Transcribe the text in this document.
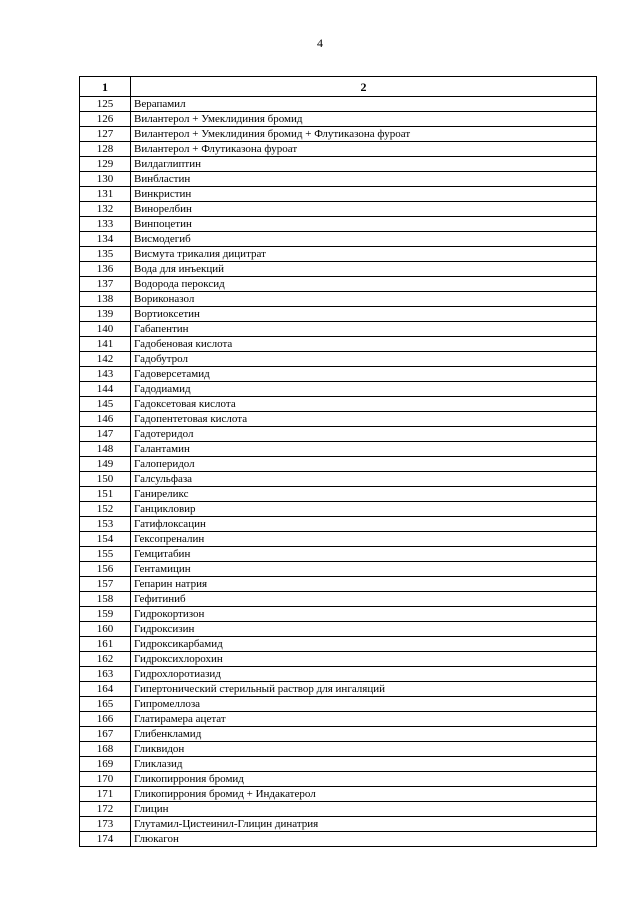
4
1	2
125	Верапамил
126	Вилантерол + Умеклидиния бромид
127	Вилантерол + Умеклидиния бромид + Флутиказона фуроат
128	Вилантерол + Флутиказона фуроат
129	Вилдаглиптин
130	Винбластин
131	Винкристин
132	Винорелбин
133	Винпоцетин
134	Висмодегиб
135	Висмута трикалия дицитрат
136	Вода для инъекций
137	Водорода пероксид
138	Вориконазол
139	Вортиоксетин
140	Габапентин
141	Гадобеновая кислота
142	Гадобутрол
143	Гадоверсетамид
144	Гадодиамид
145	Гадоксетовая кислота
146	Гадопентетовая кислота
147	Гадотеридол
148	Галантамин
149	Галоперидол
150	Галсульфаза
151	Ганиреликс
152	Ганцикловир
153	Гатифлоксацин
154	Гексопреналин
155	Гемцитабин
156	Гентамицин
157	Гепарин натрия
158	Гефитиниб
159	Гидрокортизон
160	Гидроксизин
161	Гидроксикарбамид
162	Гидроксихлорохин
163	Гидрохлоротиазид
164	Гипертонический стерильный раствор для ингаляций
165	Гипромеллоза
166	Глатирамера ацетат
167	Глибенкламид
168	Гликвидон
169	Гликлазид
170	Гликопиррония бромид
171	Гликопиррония бромид + Индакатерол
172	Глицин
173	Глутамил-Цистеинил-Глицин динатрия
174	Глюкагон
